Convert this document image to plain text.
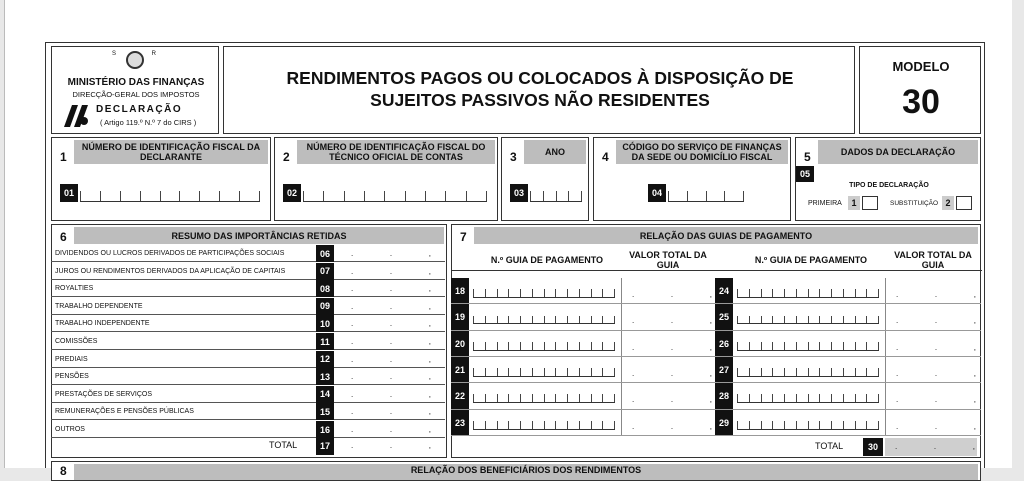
S	R
MINISTÉRIO DAS FINANÇAS
DIRECÇÃO-GERAL DOS IMPOSTOS
DECLARAÇÃO
( Artigo 119.º N.º 7 do CIRS )
RENDIMENTOS PAGOS OU COLOCADOS À DISPOSIÇÃO DE
SUJEITOS PASSIVOS NÃO RESIDENTES
MODELO
30
1
NÚMERO DE IDENTIFICAÇÃO FISCAL DA DECLARANTE
01
2
NÚMERO DE IDENTIFICAÇÃO FISCAL DO TÉCNICO OFICIAL DE CONTAS
02
3	ANO
03
4
CÓDIGO DO SERVIÇO DE FINANÇAS DA SEDE OU DOMICÍLIO FISCAL
04
5	DADOS DA DECLARAÇÃO
05
TIPO DE DECLARAÇÃO
PRIMEIRA	1	SUBSTITUIÇÃO 2
6	RESUMO DAS IMPORTÂNCIAS RETIDAS
DIVIDENDOS OU LUCROS DERIVADOS DE PARTICIPAÇÕES SOCIAIS	06	.	.	,
JUROS OU RENDIMENTOS DERIVADOS DA APLICAÇÃO DE CAPITAIS	07	.	.	,
ROYALTIES	08	.	.	,
TRABALHO DEPENDENTE	09	.	.	,
TRABALHO INDEPENDENTE	10	.	.	,
COMISSÕES	11	.	.	,
PREDIAIS	12	.	.	,
PENSÕES	13	.	.	,
PRESTAÇÕES DE SERVIÇOS	14	.	.	,
REMUNERAÇÕES E PENSÕES PÚBLICAS	15	.	.	,
OUTROS	16	.	.	,
TOTAL	17	.	.	,
7	RELAÇÃO DAS GUIAS DE PAGAMENTO
N.º GUIA DE PAGAMENTO	VALOR TOTAL DA GUIA	N.º GUIA DE PAGAMENTO	VALOR TOTAL DA GUIA
18	.	.	, 24	.	.	,
19	.	.	, 25	.	.	,
20	.	.	, 26	.	.	,
21	.	.	, 27	.	.	,
22	.	.	, 28	.	.	,
23	.	.	, 29	.	.	,
TOTAL	30	.	.	,
8	RELAÇÃO DOS BENEFICIÁRIOS DOS RENDIMENTOS
